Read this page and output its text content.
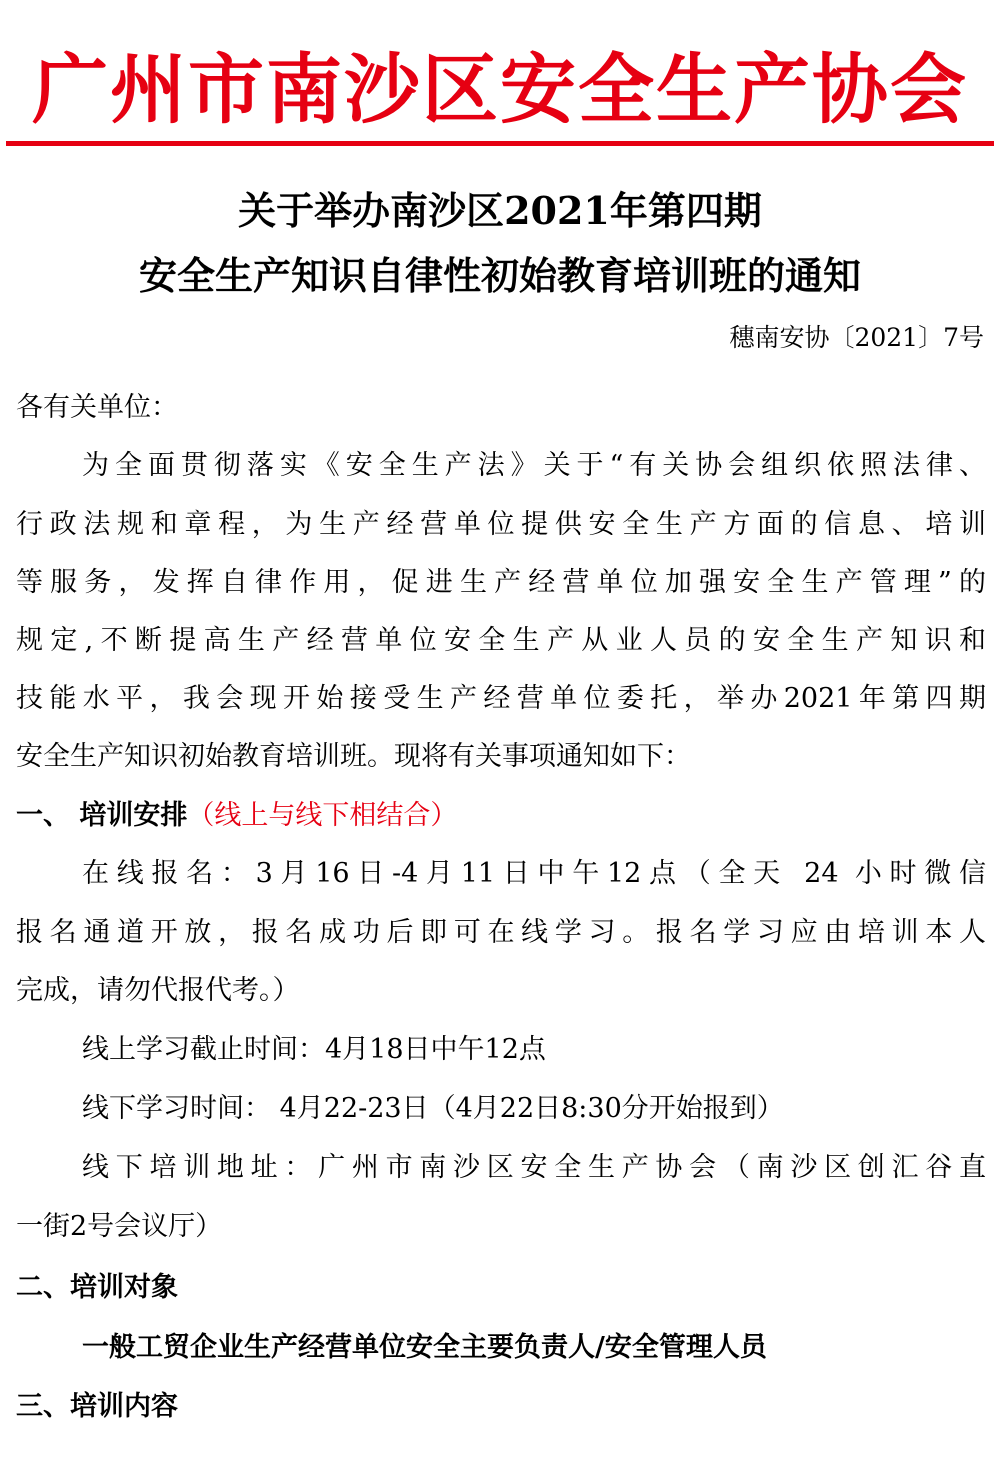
广州市南沙区安全生产协会
关于举办南沙区2021年第四期
安全生产知识自律性初始教育培训班的通知
穗南安协〔2021〕7号
各有关单位：
为全面贯彻落实《安全生产法》关于“有关协会组织依照法律、
行政法规和章程，为生产经营单位提供安全生产方面的信息、培训
等服务，发挥自律作用，促进生产经营单位加强安全生产管理”的
规定,不断提高生产经营单位安全生产从业人员的安全生产知识和
技能水平，我会现开始接受生产经营单位委托，举办2021年第四期
安全生产知识初始教育培训班。现将有关事项通知如下：
一、 培训安排（线上与线下相结合）
在线报名：3月16日-4月11日中午12点（全天 24 小时微信
报名通道开放，报名成功后即可在线学习。报名学习应由培训本人
完成，请勿代报代考。）
线上学习截止时间：4月18日中午12点
线下学习时间： 4月22-23日（4月22日8:30分开始报到）
线下培训地址：广州市南沙区安全生产协会（南沙区创汇谷直
一街2号会议厅）
二、培训对象
一般工贸企业生产经营单位安全主要负责人/安全管理人员
三、培训内容
